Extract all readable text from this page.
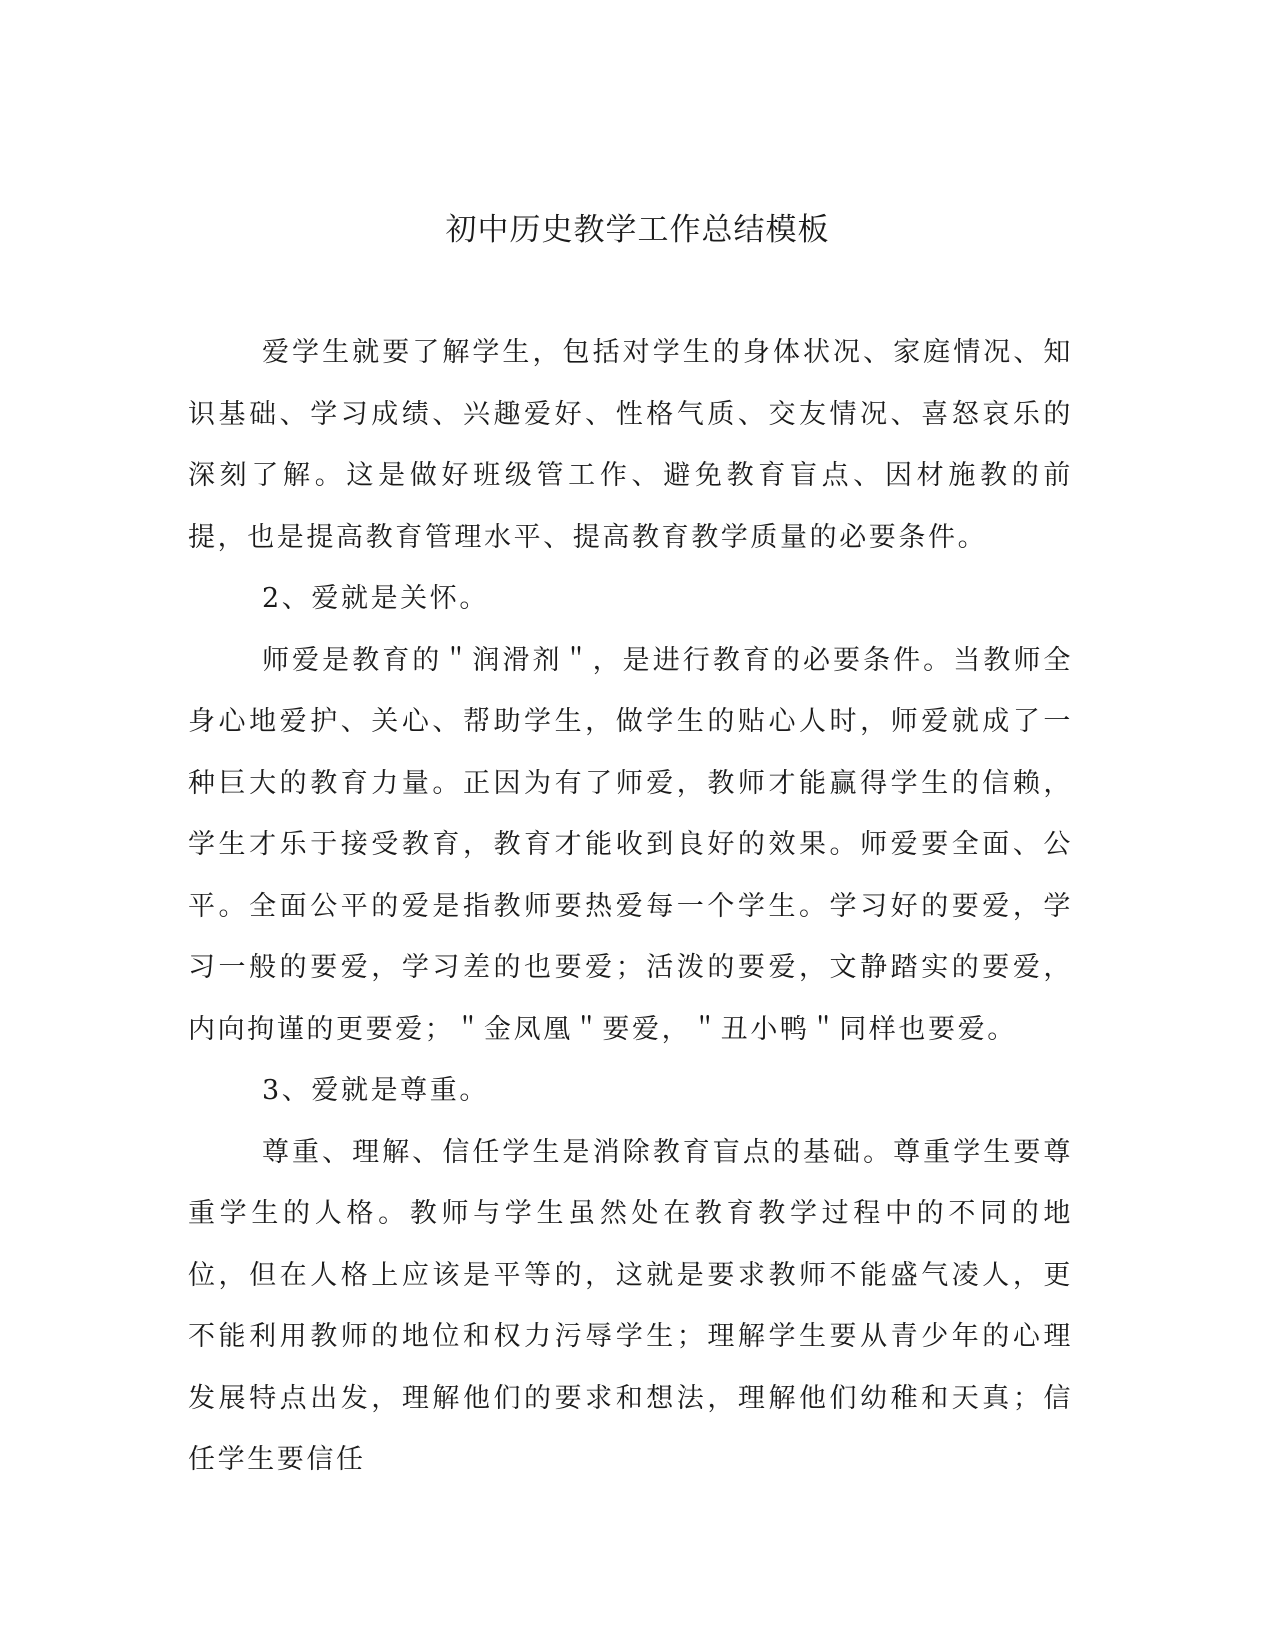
初中历史教学工作总结模板

爱学生就要了解学生，包括对学生的身体状况、家庭情况、知识基础、学习成绩、兴趣爱好、性格气质、交友情况、喜怒哀乐的深刻了解。这是做好班级管工作、避免教育盲点、因材施教的前提，也是提高教育管理水平、提高教育教学质量的必要条件。

2、爱就是关怀。

师爱是教育的＂润滑剂＂，是进行教育的必要条件。当教师全身心地爱护、关心、帮助学生，做学生的贴心人时，师爱就成了一种巨大的教育力量。正因为有了师爱，教师才能赢得学生的信赖，学生才乐于接受教育，教育才能收到良好的效果。师爱要全面、公平。全面公平的爱是指教师要热爱每一个学生。学习好的要爱，学习一般的要爱，学习差的也要爱；活泼的要爱，文静踏实的要爱，内向拘谨的更要爱；＂金凤凰＂要爱，＂丑小鸭＂同样也要爱。

3、爱就是尊重。

尊重、理解、信任学生是消除教育盲点的基础。尊重学生要尊重学生的人格。教师与学生虽然处在教育教学过程中的不同的地位，但在人格上应该是平等的，这就是要求教师不能盛气凌人，更不能利用教师的地位和权力污辱学生；理解学生要从青少年的心理发展特点出发，理解他们的要求和想法，理解他们幼稚和天真；信任学生要信任
